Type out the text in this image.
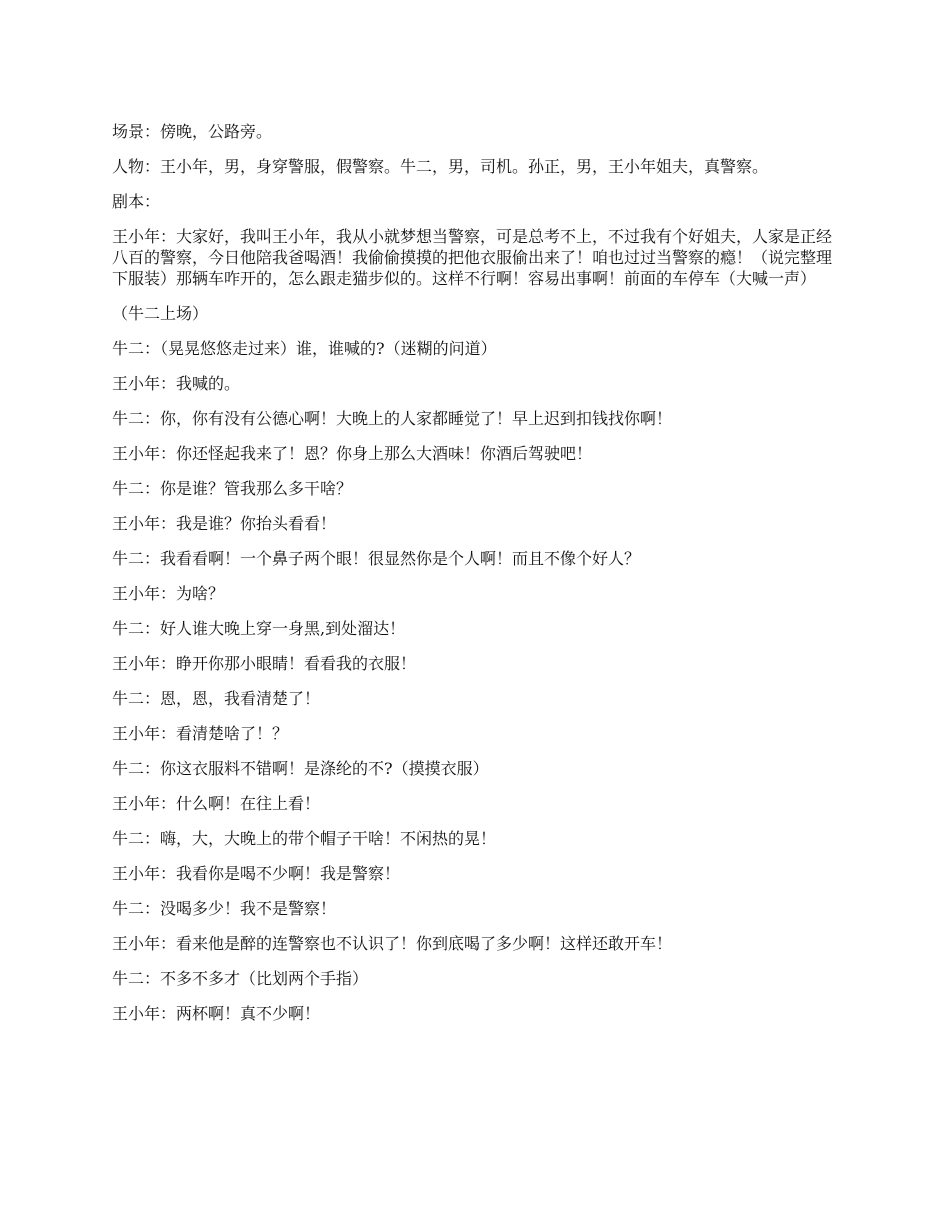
场景：傍晚，公路旁。

人物：王小年，男，身穿警服，假警察。牛二，男，司机。孙正，男，王小年姐夫，真警察。

剧本：

王小年：大家好，我叫王小年，我从小就梦想当警察，可是总考不上，不过我有个好姐夫，人家是正经八百的警察，今日他陪我爸喝酒！我偷偷摸摸的把他衣服偷出来了！咱也过过当警察的瘾！（说完整理下服装）那辆车咋开的，怎么跟走猫步似的。这样不行啊！容易出事啊！前面的车停车（大喊一声）

（牛二上场）

牛二：（晃晃悠悠走过来）谁，谁喊的?（迷糊的问道）

王小年：我喊的。

牛二：你，你有没有公德心啊！大晚上的人家都睡觉了！早上迟到扣钱找你啊！

王小年：你还怪起我来了！恩？你身上那么大酒味！你酒后驾驶吧！

牛二：你是谁？管我那么多干啥？

王小年：我是谁？你抬头看看！

牛二：我看看啊！一个鼻子两个眼！很显然你是个人啊！而且不像个好人？

王小年：为啥？

牛二：好人谁大晚上穿一身黑,到处溜达！

王小年：睁开你那小眼睛！看看我的衣服！

牛二：恩，恩，我看清楚了！

王小年：看清楚啥了！？

牛二：你这衣服料不错啊！是涤纶的不?（摸摸衣服）

王小年：什么啊！在往上看！

牛二：嗨，大，大晚上的带个帽子干啥！不闲热的晃！

王小年：我看你是喝不少啊！我是警察！

牛二：没喝多少！我不是警察！

王小年：看来他是醉的连警察也不认识了！你到底喝了多少啊！这样还敢开车！

牛二：不多不多才（比划两个手指）

王小年：两杯啊！真不少啊！
